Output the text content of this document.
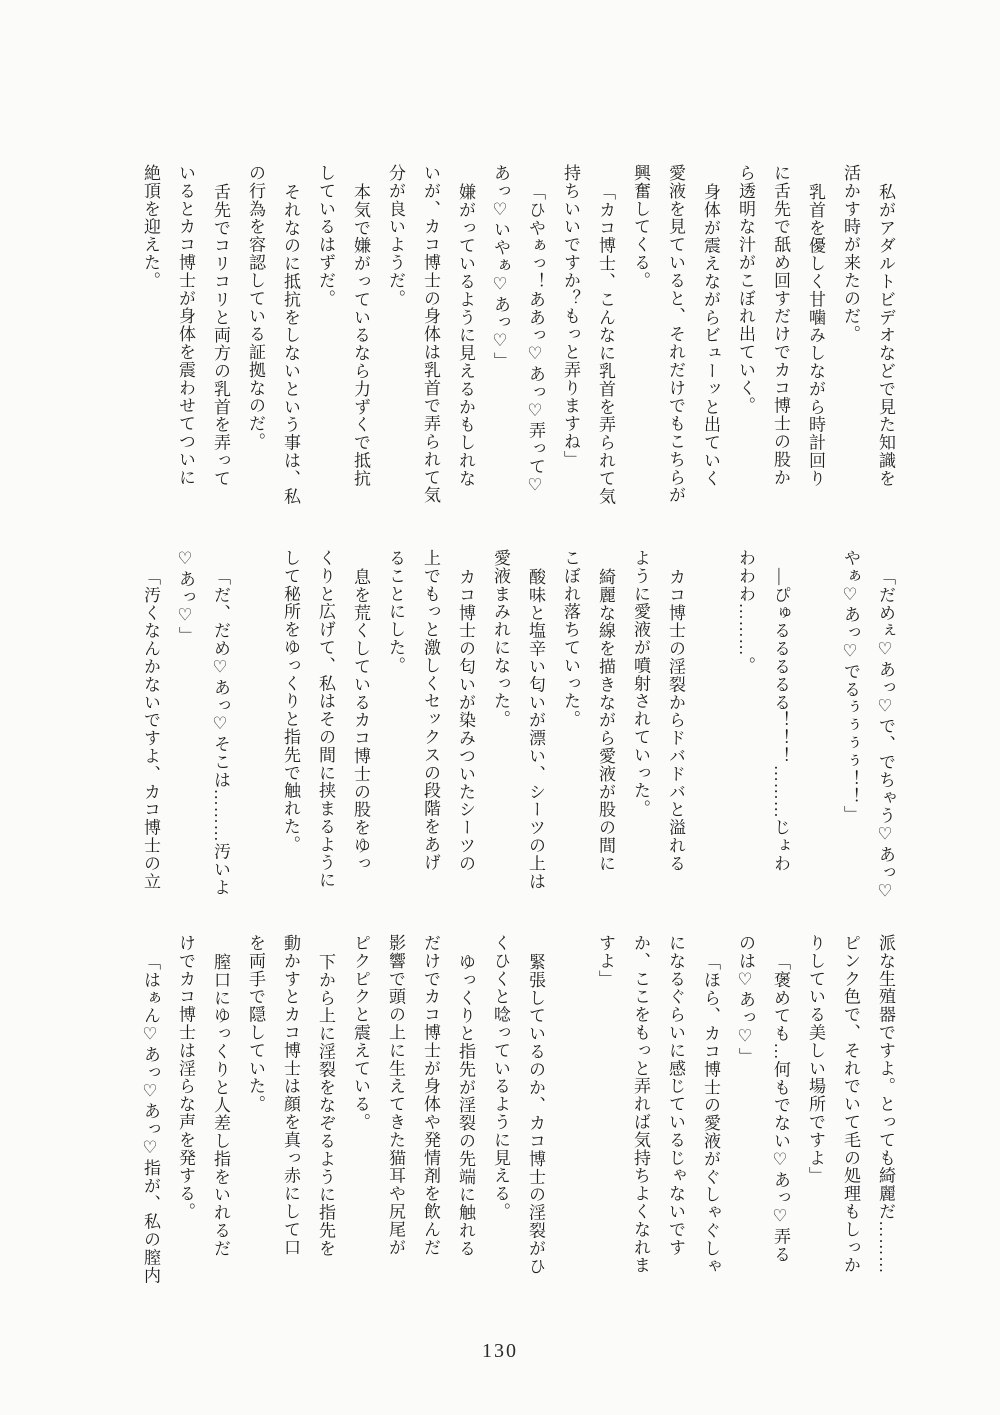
私がアダルトビデオなどで見た知識を
活かす時が来たのだ。
乳首を優しく甘噛みしながら時計回り
に舌先で舐め回すだけでカコ博士の股か
ら透明な汁がこぼれ出ていく。
身体が震えながらビューッと出ていく
愛液を見ていると、それだけでもこちらが
興奮してくる。
「カコ博士、こんなに乳首を弄られて気
持ちいいですか？もっと弄りますね」
「ひやぁっ！ああっ♡あっ♡弄って♡
あっ♡いやぁ♡あっ♡」
嫌がっているように見えるかもしれな
いが、カコ博士の身体は乳首で弄られて気
分が良いようだ。
本気で嫌がっているなら力ずくで抵抗
しているはずだ。
それなのに抵抗をしないという事は、私
の行為を容認している証拠なのだ。
舌先でコリコリと両方の乳首を弄って
いるとカコ博士が身体を震わせてついに
絶頂を迎えた。
「だめぇ♡あっ♡で、でちゃう♡あっ♡
やぁ♡あっ♡でるぅぅぅぅ！！」
―ぴゅるるるるる！！！………じょわ
わわわ………。
カコ博士の淫裂からドバドバと溢れる
ように愛液が噴射されていった。
綺麗な線を描きながら愛液が股の間に
こぼれ落ちていった。
酸味と塩辛い匂いが漂い、シーツの上は
愛液まみれになった。
カコ博士の匂いが染みついたシーツの
上でもっと激しくセックスの段階をあげ
ることにした。
息を荒くしているカコ博士の股をゆっ
くりと広げて、私はその間に挟まるように
して秘所をゆっくりと指先で触れた。
「だ、だめ♡あっ♡そこは………汚いよ
♡あっ♡」
「汚くなんかないですよ、カコ博士の立
派な生殖器ですよ。とっても綺麗だ………
ピンク色で、それでいて毛の処理もしっか
りしている美しい場所ですよ」
「褒めても…何もでない♡あっ♡弄る
のは♡あっ♡」
「ほら、カコ博士の愛液がぐしゃぐしゃ
になるぐらいに感じているじゃないです
か、ここをもっと弄れば気持ちよくなれま
すよ」
緊張しているのか、カコ博士の淫裂がひ
くひくと唸っているように見える。
ゆっくりと指先が淫裂の先端に触れる
だけでカコ博士が身体や発情剤を飲んだ
影響で頭の上に生えてきた猫耳や尻尾が
ピクピクと震えている。
下から上に淫裂をなぞるように指先を
動かすとカコ博士は顔を真っ赤にして口
を両手で隠していた。
膣口にゆっくりと人差し指をいれるだ
けでカコ博士は淫らな声を発する。
「はぁん♡あっ♡あっ♡指が、私の膣内
130
